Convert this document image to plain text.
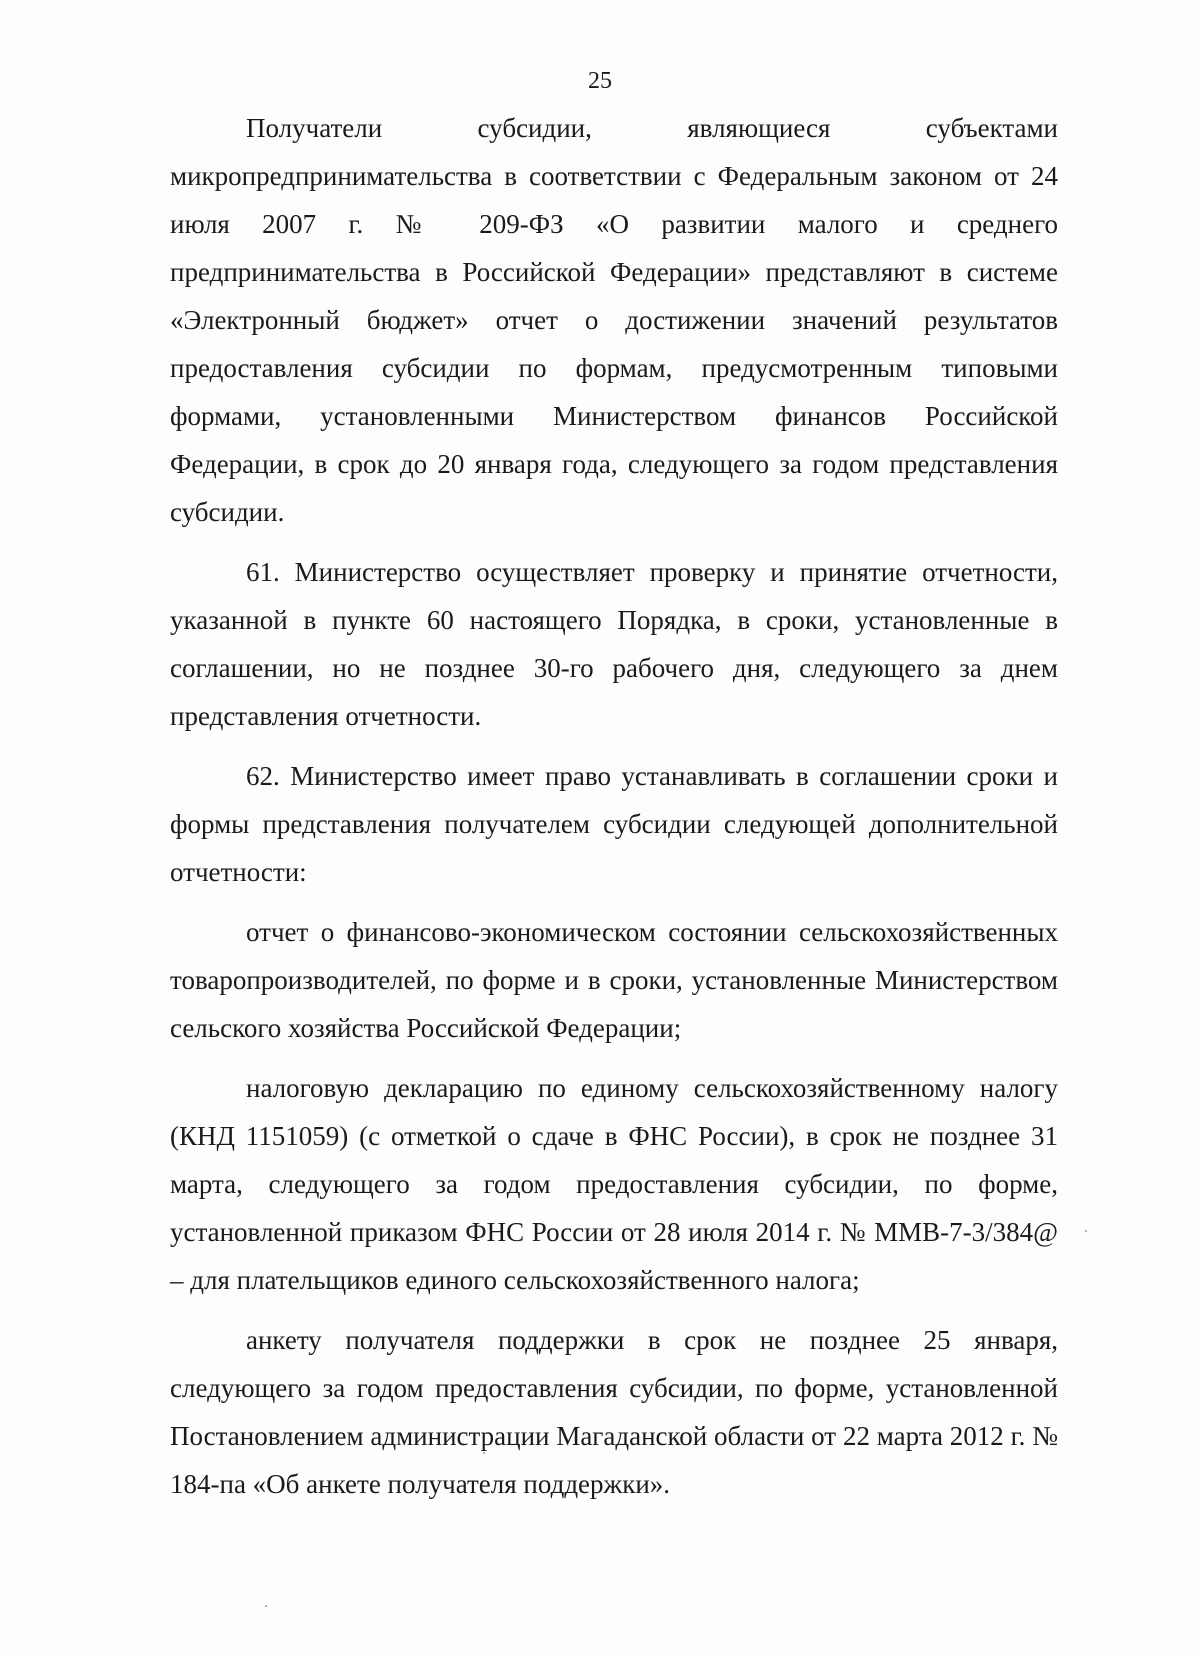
25

Получатели субсидии, являющиеся субъектами микропредпринимательства в соответствии с Федеральным законом от 24 июля 2007 г. № 209-ФЗ «О развитии малого и среднего предпринимательства в Российской Федерации» представляют в системе «Электронный бюджет» отчет о достижении значений результатов предоставления субсидии по формам, предусмотренным типовыми формами, установленными Министерством финансов Российской Федерации, в срок до 20 января года, следующего за годом представления субсидии.

61. Министерство осуществляет проверку и принятие отчетности, указанной в пункте 60 настоящего Порядка, в сроки, установленные в соглашении, но не позднее 30-го рабочего дня, следующего за днем представления отчетности.

62. Министерство имеет право устанавливать в соглашении сроки и формы представления получателем субсидии следующей дополнительной отчетности:

отчет о финансово-экономическом состоянии сельскохозяйственных товаропроизводителей, по форме и в сроки, установленные Министерством сельского хозяйства Российской Федерации;

налоговую декларацию по единому сельскохозяйственному налогу (КНД 1151059) (с отметкой о сдаче в ФНС России), в срок не позднее 31 марта, следующего за годом предоставления субсидии, по форме, установленной приказом ФНС России от 28 июля 2014 г. № ММВ-7-3/384@ – для плательщиков единого сельскохозяйственного налога;

анкету получателя поддержки в срок не позднее 25 января, следующего за годом предоставления субсидии, по форме, установленной Постановлением администрации Магаданской области от 22 марта 2012 г. № 184-па «Об анкете получателя поддержки».
